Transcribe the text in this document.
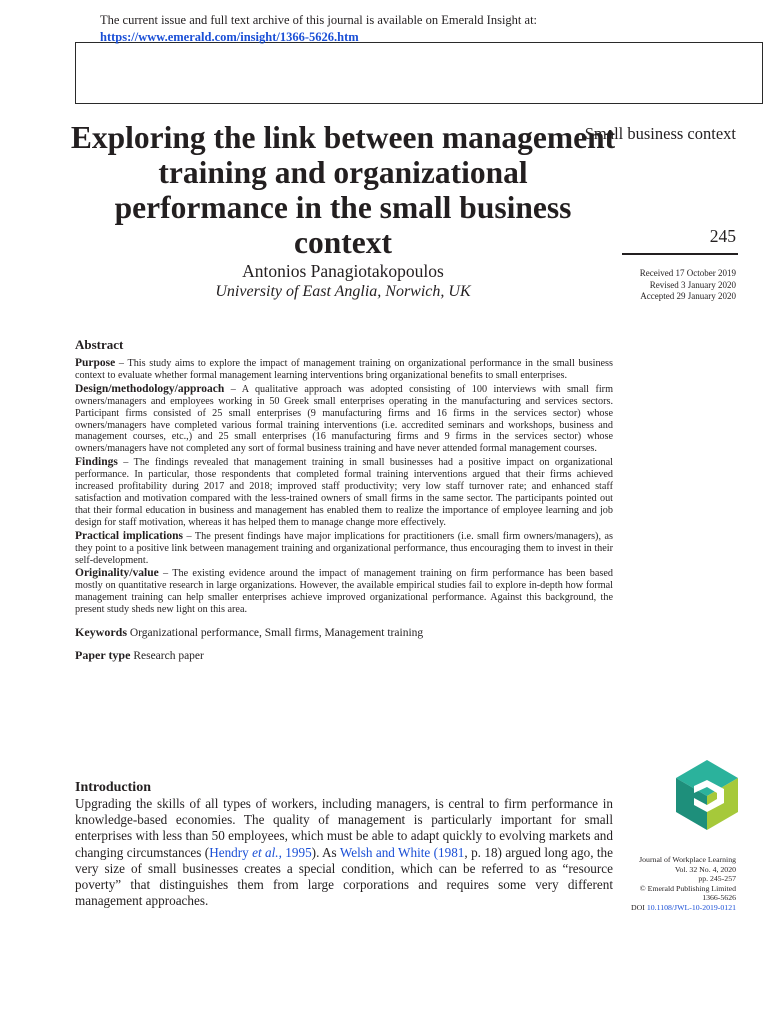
The current issue and full text archive of this journal is available on Emerald Insight at:
https://www.emerald.com/insight/1366-5626.htm
Exploring the link between management training and organizational performance in the small business context
Antonios Panagiotakopoulos
University of East Anglia, Norwich, UK
Small business context
245
Received 17 October 2019
Revised 3 January 2020
Accepted 29 January 2020
Abstract

Purpose – This study aims to explore the impact of management training on organizational performance in the small business context to evaluate whether formal management learning interventions bring organizational benefits to small enterprises.

Design/methodology/approach – A qualitative approach was adopted consisting of 100 interviews with small firm owners/managers and employees working in 50 Greek small enterprises operating in the manufacturing and services sectors. Participant firms consisted of 25 small enterprises (9 manufacturing firms and 16 firms in the services sector) whose owners/managers have completed various formal training interventions (i.e. accredited seminars and workshops, business and management courses, etc.,) and 25 small enterprises (16 manufacturing firms and 9 firms in the services sector) whose owners/managers have not completed any sort of formal business training and have never attended formal management courses.

Findings – The findings revealed that management training in small businesses had a positive impact on organizational performance. In particular, those respondents that completed formal training interventions argued that their firms achieved increased profitability during 2017 and 2018; improved staff productivity; very low staff turnover rate; and enhanced staff satisfaction and motivation compared with the less-trained owners of small firms in the same sector. The participants pointed out that their formal education in business and management has enabled them to realize the importance of employee learning and job design for staff motivation, whereas it has helped them to manage change more effectively.

Practical implications – The present findings have major implications for practitioners (i.e. small firm owners/managers), as they point to a positive link between management training and organizational performance, thus encouraging them to invest in their self-development.

Originality/value – The existing evidence around the impact of management training on firm performance has been based mostly on quantitative research in large organizations. However, the available empirical studies fail to explore in-depth how formal management training can help smaller enterprises achieve improved organizational performance. Against this background, the present study sheds new light on this area.

Keywords Organizational performance, Small firms, Management training
Paper type Research paper
Introduction

Upgrading the skills of all types of workers, including managers, is central to firm performance in knowledge-based economies. The quality of management is particularly important for small enterprises with less than 50 employees, which must be able to adapt quickly to evolving markets and changing circumstances (Hendry et al., 1995). As Welsh and White (1981, p. 18) argued long ago, the very size of small businesses creates a special condition, which can be referred to as “resource poverty” that distinguishes them from large corporations and requires some very different management approaches.

Journal of Workplace Learning
Vol. 32 No. 4, 2020
pp. 245-257
© Emerald Publishing Limited
1366-5626
DOI 10.1108/JWL-10-2019-0121
